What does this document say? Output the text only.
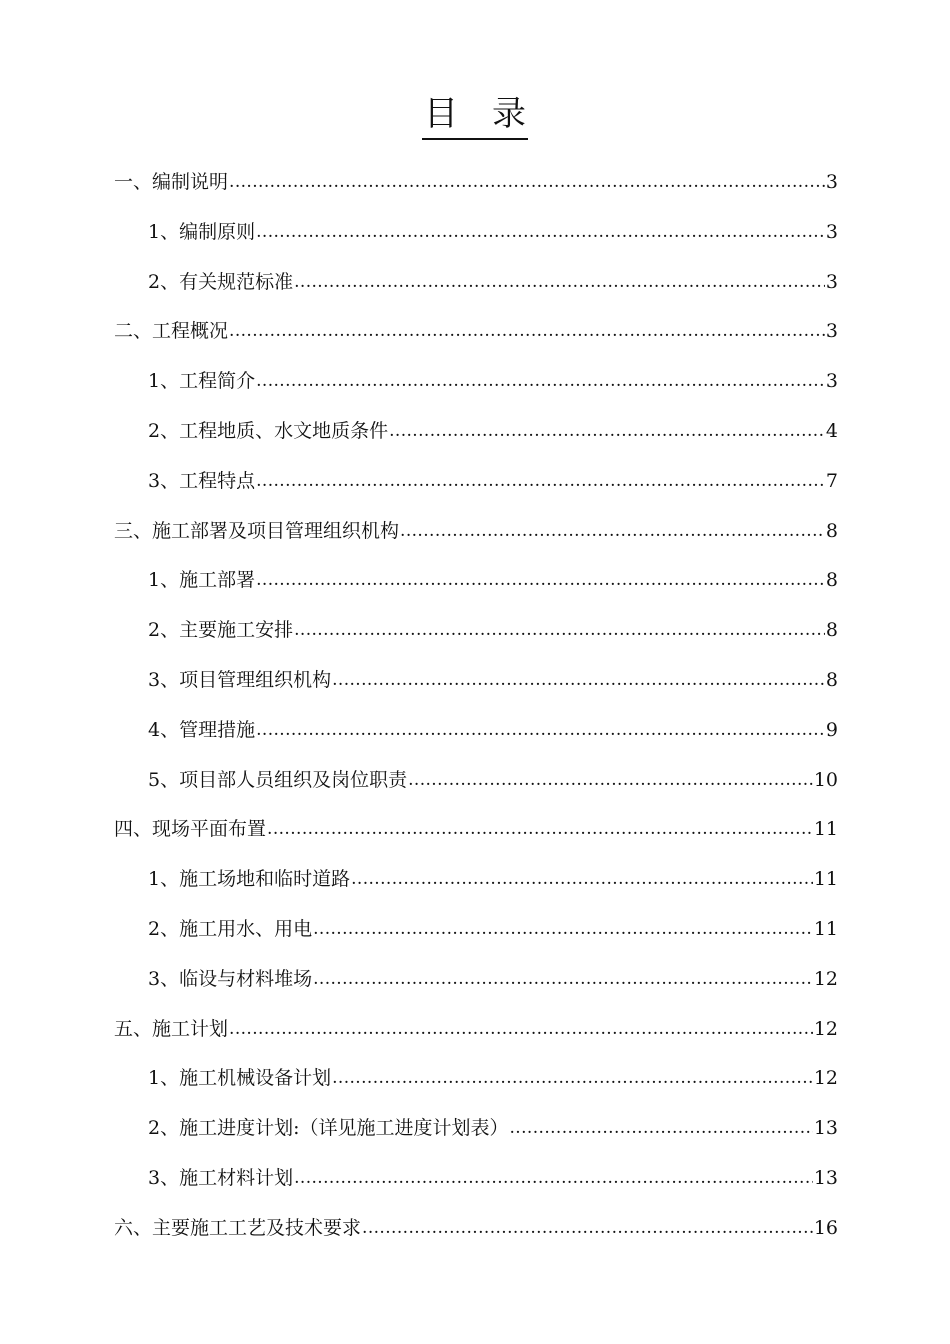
目　录
一、编制说明 .....	3
1、编制原则 .....	3
2、有关规范标准 .....	3
二、工程概况 .....	3
1、工程简介 .....	3
2、工程地质、水文地质条件 .....	4
3、工程特点 .....	7
三、施工部署及项目管理组织机构 .....	8
1、施工部署 .....	8
2、主要施工安排 .....	8
3、项目管理组织机构 .....	8
4、管理措施 .....	9
5、项目部人员组织及岗位职责 .....	10
四、现场平面布置 .....	11
1、施工场地和临时道路 .....	11
2、施工用水、用电 .....	11
3、临设与材料堆场 .....	12
五、施工计划 .....	12
1、施工机械设备计划 .....	12
2、施工进度计划:（详见施工进度计划表） .....	13
3、施工材料计划 .....	13
六、主要施工工艺及技术要求 .....	16
